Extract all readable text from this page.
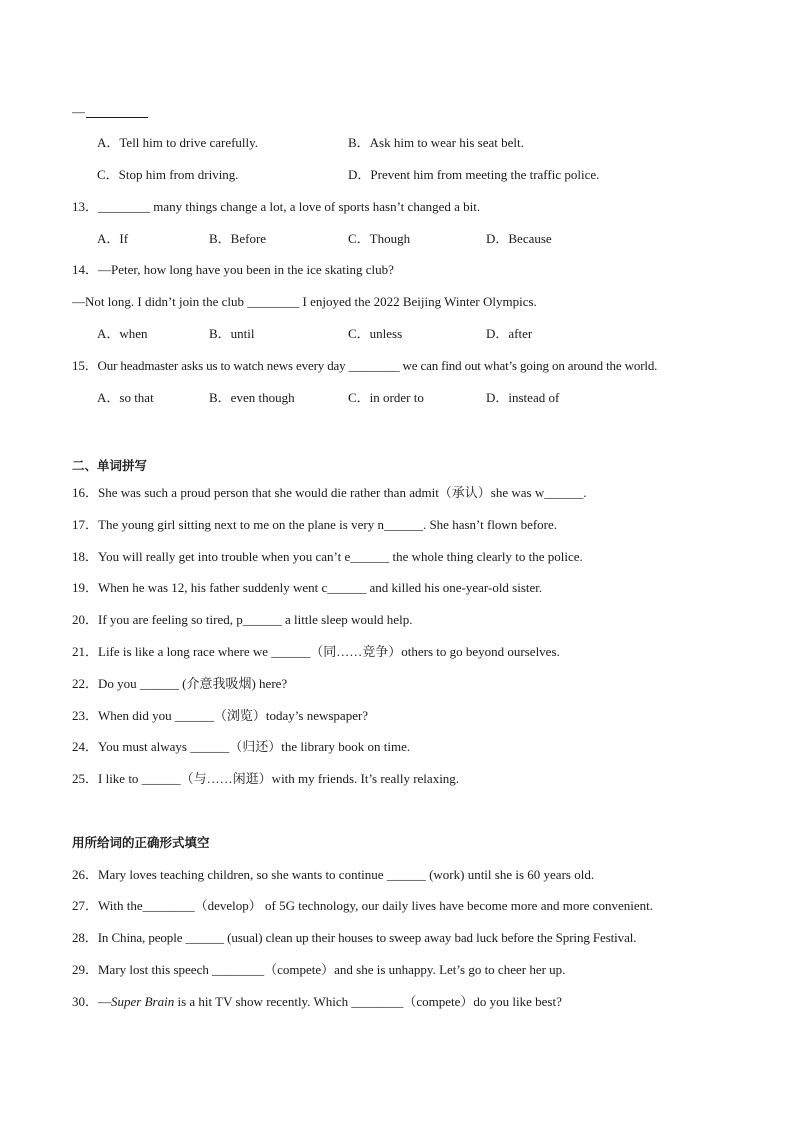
—
A．Tell him to drive carefully.	B．Ask him to wear his seat belt.
C．Stop him from driving.	D．Prevent him from meeting the traffic police.
13．________ many things change a lot, a love of sports hasn’t changed a bit.
A．If	B．Before	C．Though	D．Because
14．—Peter, how long have you been in the ice skating club?
—Not long. I didn’t join the club ________ I enjoyed the 2022 Beijing Winter Olympics.
A．when	B．until	C．unless	D．after
15．Our headmaster asks us to watch news every day ________ we can find out what’s going on around the world.
A．so that	B．even though	C．in order to	D．instead of
二、单词拼写
16．She was such a proud person that she would die rather than admit（承认）she was w______.
17．The young girl sitting next to me on the plane is very n______. She hasn’t flown before.
18．You will really get into trouble when you can’t e______ the whole thing clearly to the police.
19．When he was 12, his father suddenly went c______ and killed his one-year-old sister.
20．If you are feeling so tired, p______ a little sleep would help.
21．Life is like a long race where we ______（同……竞争）others to go beyond ourselves.
22．Do you ______ (介意我吸烟) here?
23．When did you ______（浏览）today’s newspaper?
24．You must always ______（归还）the library book on time.
25．I like to ______（与……闲逛）with my friends. It’s really relaxing.
用所给词的正确形式填空
26．Mary loves teaching children, so she wants to continue ______ (work) until she is 60 years old.
27．With the________（develop） of 5G technology, our daily lives have become more and more convenient.
28．In China, people ______ (usual) clean up their houses to sweep away bad luck before the Spring Festival.
29．Mary lost this speech ________（compete）and she is unhappy. Let’s go to cheer her up.
30．—Super Brain is a hit TV show recently. Which ________（compete）do you like best?
